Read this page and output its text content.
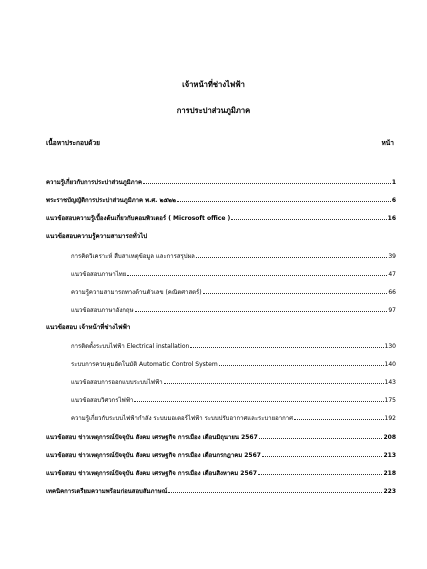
เจ้าหน้าที่ช่างไฟฟ้า
การประปาส่วนภูมิภาค
เนื้อหาประกอบด้วย	หน้า
ความรู้เกี่ยวกับการประปาส่วนภูมิภาค	1
พระราชบัญญัติการประปาส่วนภูมิภาค พ.ศ. ๒๕๒๒	6
แนวข้อสอบความรู้เบื้องต้นเกี่ยวกับคอมพิวเตอร์ ( Microsoft office )	16
แนวข้อสอบความรู้ความสามารถทั่วไป
การคิดวิเคราะห์ สืบสาเหตุข้อมูล และการสรุปผล	39
แนวข้อสอบภาษาไทย	47
ความรู้ความสามารถทางด้านตัวเลข (คณิตศาสตร์)	66
แนวข้อสอบภาษาอังกฤษ	97
แนวข้อสอบ เจ้าหน้าที่ช่างไฟฟ้า
การติดตั้งระบบไฟฟ้า Electrical installation	130
ระบบการควบคุมอัตโนมัติ Automatic Control System	140
แนวข้อสอบการออกแบบระบบไฟฟ้า	143
แนวข้อสอบวิศวกรไฟฟ้า	175
ความรู้เกี่ยวกับระบบไฟฟ้ากำลัง ระบบมอเตอร์ไฟฟ้า ระบบปรับอากาศและระบายอากาศ	192
แนวข้อสอบ ข่าวเหตุการณ์ปัจจุบัน สังคม เศรษฐกิจ การเมือง เดือนมิถุนายน 2567	208
แนวข้อสอบ ข่าวเหตุการณ์ปัจจุบัน สังคม เศรษฐกิจ การเมือง เดือนกรกฎาคม 2567	213
แนวข้อสอบ ข่าวเหตุการณ์ปัจจุบัน สังคม เศรษฐกิจ การเมือง เดือนสิงหาคม 2567	218
เทคนิคการเตรียมความพร้อมก่อนสอบสัมภาษณ์	223
